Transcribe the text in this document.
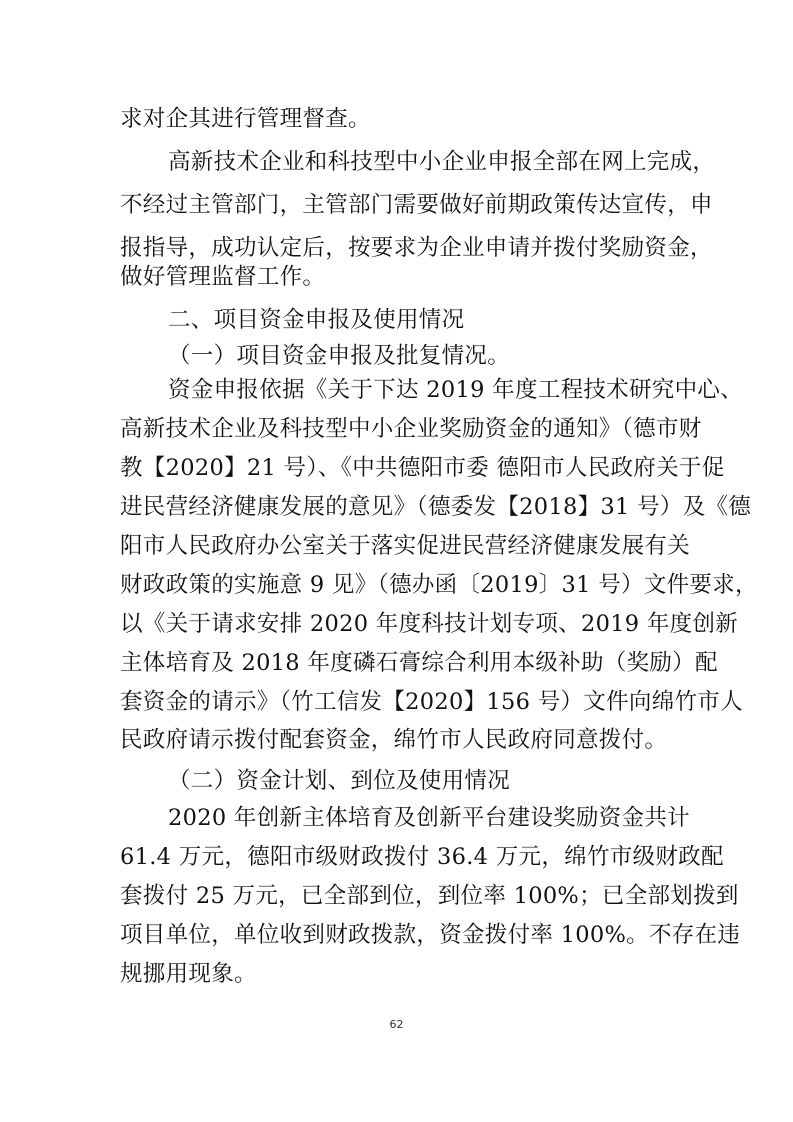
求对企其进行管理督查。
高新技术企业和科技型中小企业申报全部在网上完成，
不经过主管部门，主管部门需要做好前期政策传达宣传，申
报指导，成功认定后，按要求为企业申请并拨付奖励资金，
做好管理监督工作。
二、项目资金申报及使用情况
（一）项目资金申报及批复情况。
资金申报依据《关于下达 2019 年度工程技术研究中心、
高新技术企业及科技型中小企业奖励资金的通知》（德市财
教【2020】21 号）、《中共德阳市委 德阳市人民政府关于促
进民营经济健康发展的意见》（德委发【2018】31 号）及《德
阳市人民政府办公室关于落实促进民营经济健康发展有关
财政政策的实施意 9 见》（德办函〔2019〕31 号）文件要求，
以《关于请求安排 2020 年度科技计划专项、2019 年度创新
主体培育及 2018 年度磷石膏综合利用本级补助（奖励）配
套资金的请示》（竹工信发【2020】156 号）文件向绵竹市人
民政府请示拨付配套资金，绵竹市人民政府同意拨付。
（二）资金计划、到位及使用情况
2020 年创新主体培育及创新平台建设奖励资金共计
61.4 万元，德阳市级财政拨付 36.4 万元，绵竹市级财政配
套拨付 25 万元，已全部到位，到位率 100%；已全部划拨到
项目单位，单位收到财政拨款，资金拨付率 100%。不存在违
规挪用现象。
62
